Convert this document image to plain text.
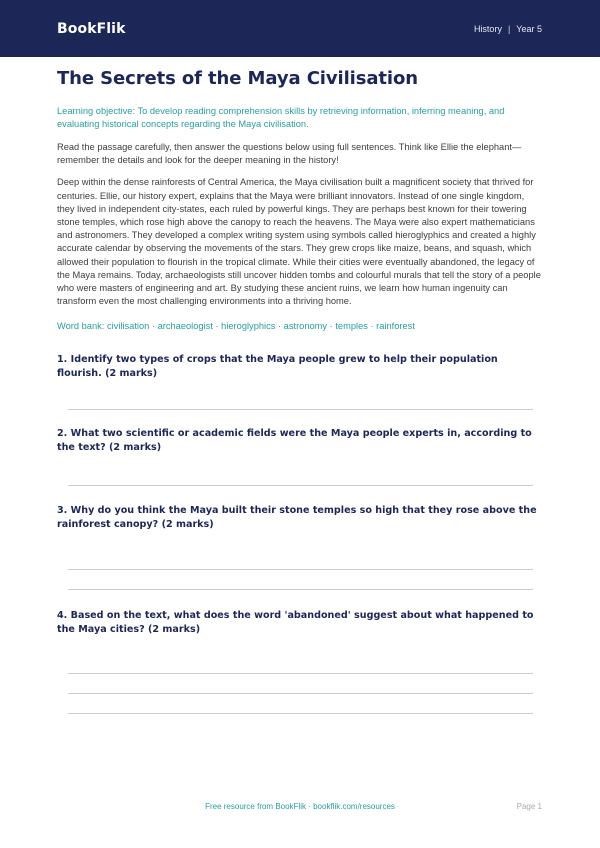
BookFlik	History | Year 5
The Secrets of the Maya Civilisation

Learning objective: To develop reading comprehension skills by retrieving information, inferring meaning, and evaluating historical concepts regarding the Maya civilisation.

Read the passage carefully, then answer the questions below using full sentences. Think like Ellie the elephant—remember the details and look for the deeper meaning in the history!

Deep within the dense rainforests of Central America, the Maya civilisation built a magnificent society that thrived for centuries. Ellie, our history expert, explains that the Maya were brilliant innovators. Instead of one single kingdom, they lived in independent city-states, each ruled by powerful kings. They are perhaps best known for their towering stone temples, which rose high above the canopy to reach the heavens. The Maya were also expert mathematicians and astronomers. They developed a complex writing system using symbols called hieroglyphics and created a highly accurate calendar by observing the movements of the stars. They grew crops like maize, beans, and squash, which allowed their population to flourish in the tropical climate. While their cities were eventually abandoned, the legacy of the Maya remains. Today, archaeologists still uncover hidden tombs and colourful murals that tell the story of a people who were masters of engineering and art. By studying these ancient ruins, we learn how human ingenuity can transform even the most challenging environments into a thriving home.

Word bank: civilisation · archaeologist · hieroglyphics · astronomy · temples · rainforest

1. Identify two types of crops that the Maya people grew to help their population flourish. (2 marks)

2. What two scientific or academic fields were the Maya people experts in, according to the text? (2 marks)

3. Why do you think the Maya built their stone temples so high that they rose above the rainforest canopy? (2 marks)

4. Based on the text, what does the word 'abandoned' suggest about what happened to the Maya cities? (2 marks)

Free resource from BookFlik · bookflik.com/resources	Page 1
